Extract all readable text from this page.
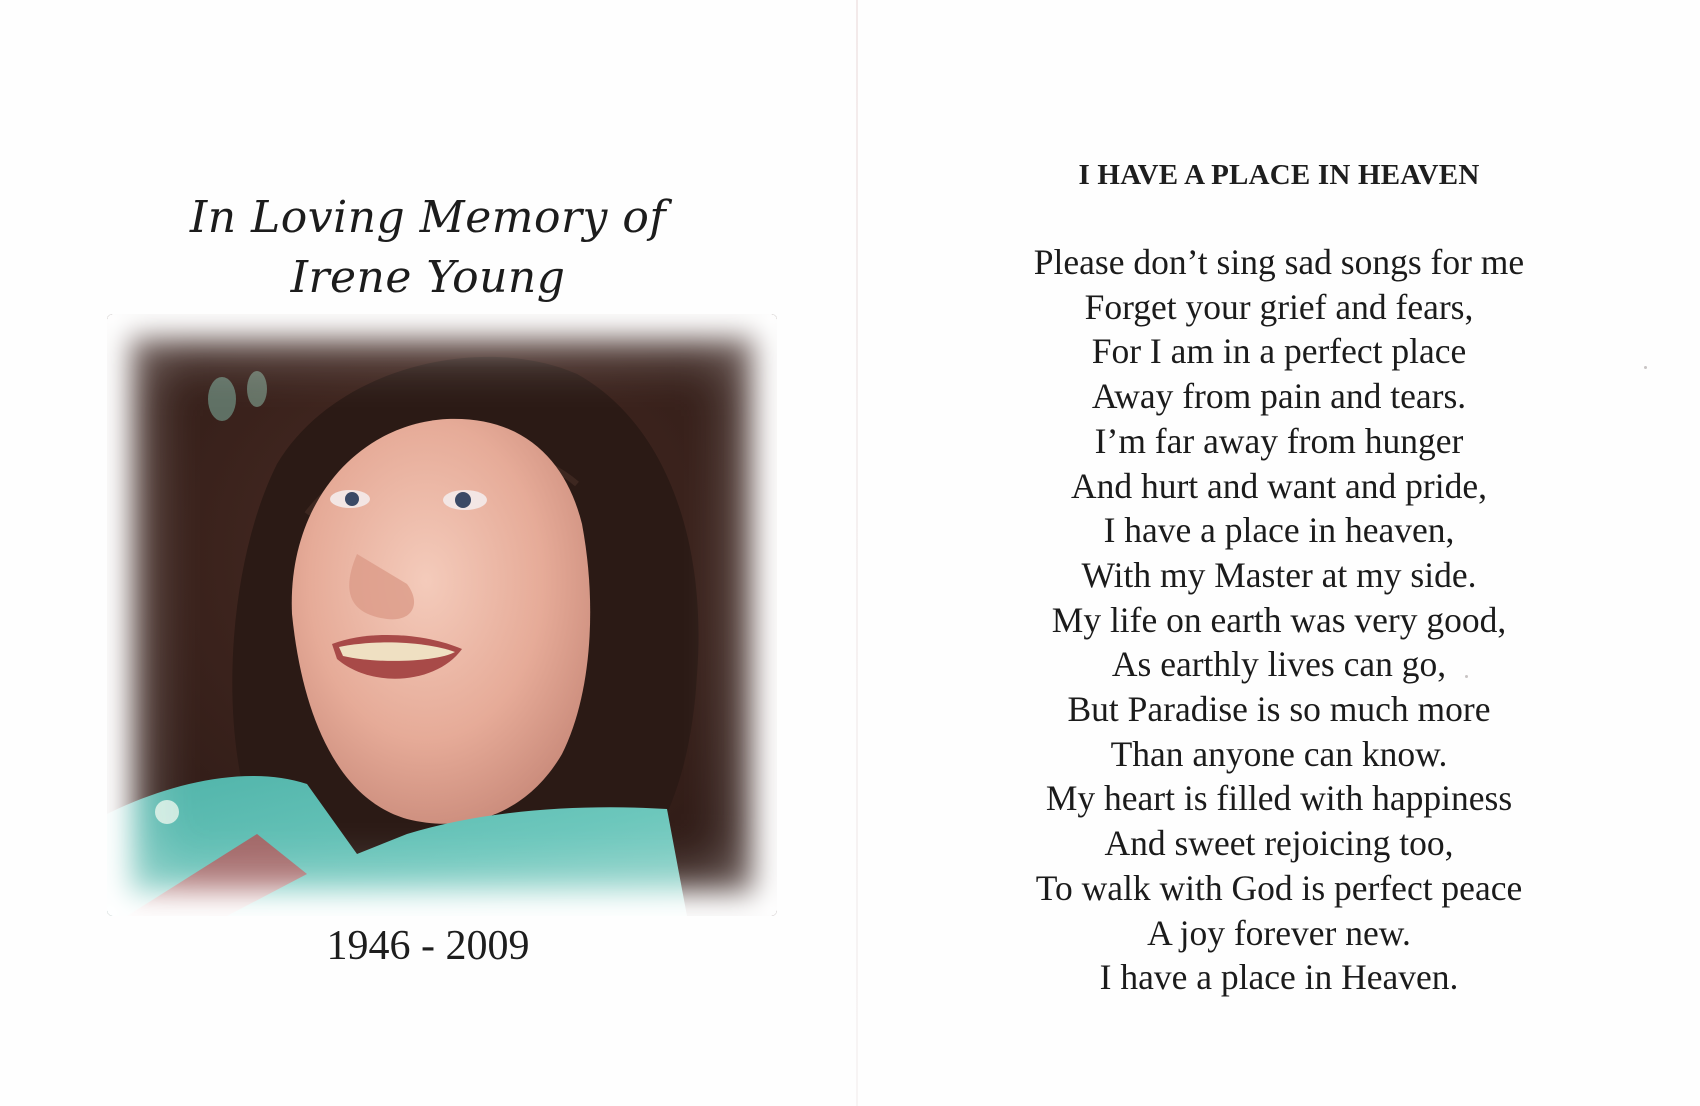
In Loving Memory of
Irene Young
1946 - 2009
I HAVE A PLACE IN HEAVEN
Please don’t sing sad songs for me
Forget your grief and fears,
For I am in a perfect place
Away from pain and tears.
I’m far away from hunger
And hurt and want and pride,
I have a place in heaven,
With my Master at my side.
My life on earth was very good,
As earthly lives can go,
But Paradise is so much more
Than anyone can know.
My heart is filled with happiness
And sweet rejoicing too,
To walk with God is perfect peace
A joy forever new.
I have a place in Heaven.
